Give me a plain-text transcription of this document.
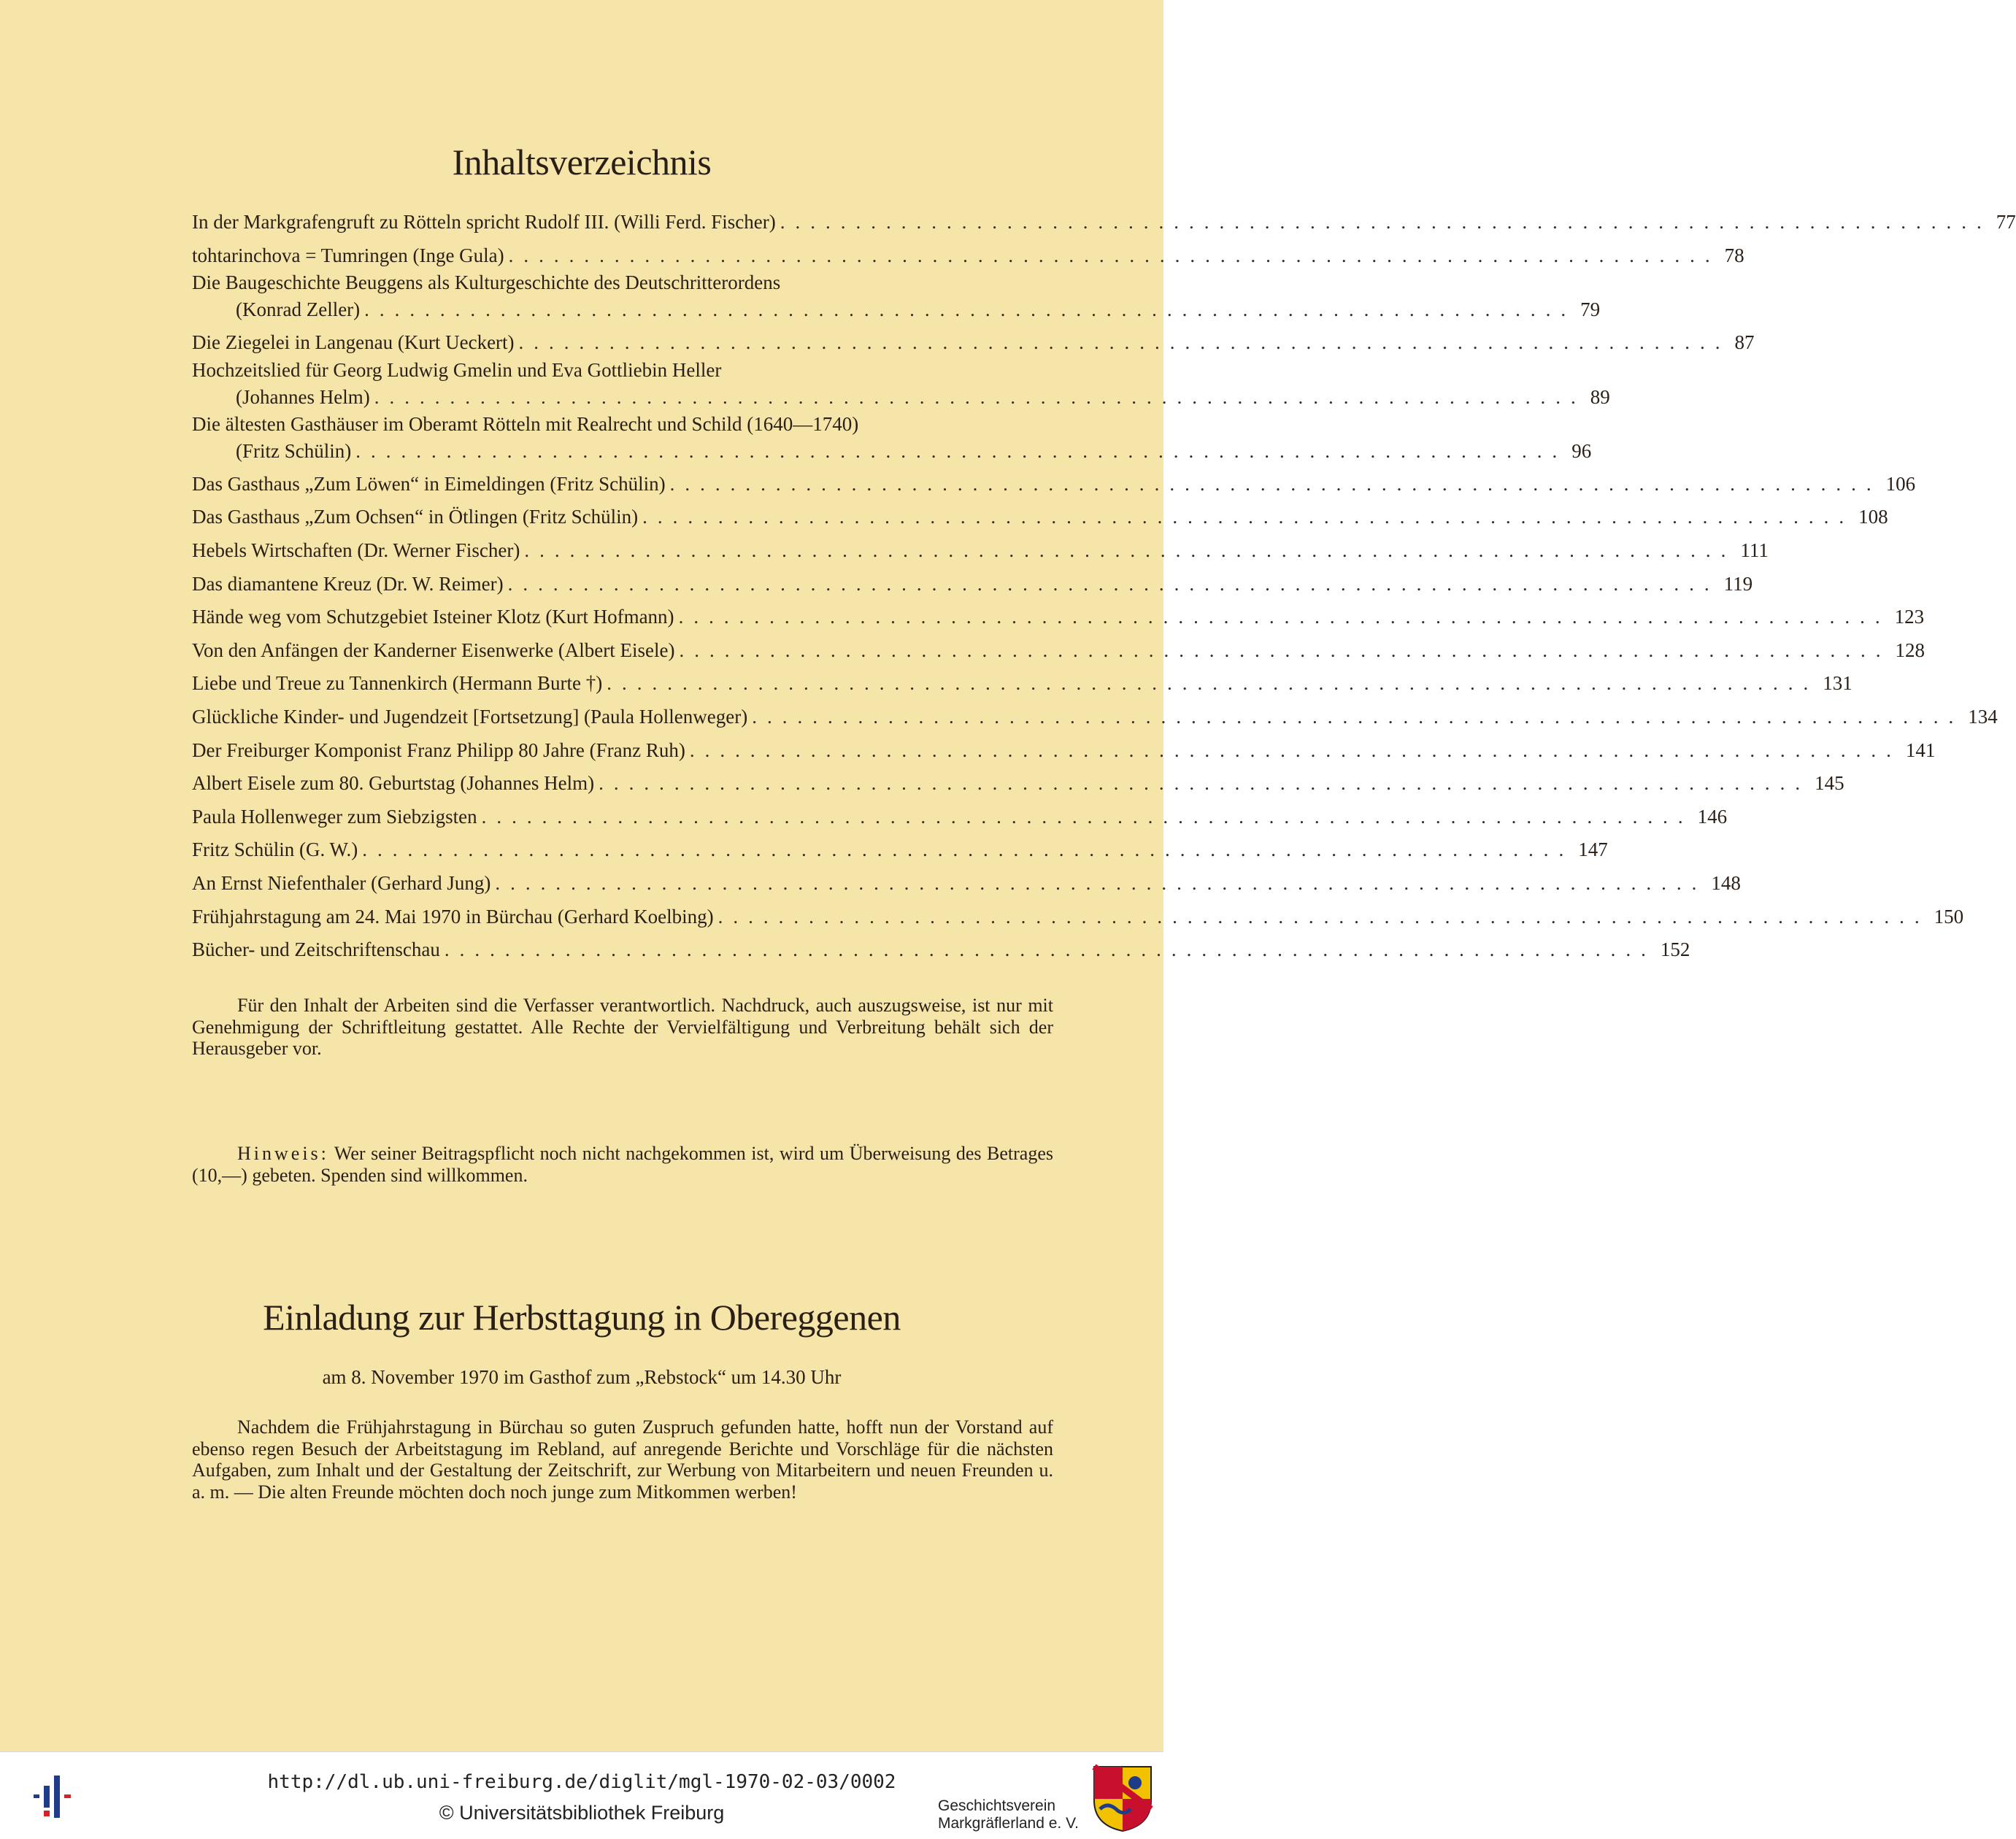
Inhaltsverzeichnis
In der Markgrafengruft zu Rötteln spricht Rudolf III. (Willi Ferd. Fischer) ................................................................................ 77
tohtarinchova = Tumringen (Inge Gula) ................................................................................ 78
Die Baugeschichte Beuggens als Kulturgeschichte des Deutschritterordens
(Konrad Zeller) ................................................................................ 79
Die Ziegelei in Langenau (Kurt Ueckert) ................................................................................ 87
Hochzeitslied für Georg Ludwig Gmelin und Eva Gottliebin Heller
(Johannes Helm) ................................................................................ 89
Die ältesten Gasthäuser im Oberamt Rötteln mit Realrecht und Schild (1640—1740)
(Fritz Schülin) ................................................................................ 96
Das Gasthaus „Zum Löwen“ in Eimeldingen (Fritz Schülin) ................................................................................ 106
Das Gasthaus „Zum Ochsen“ in Ötlingen (Fritz Schülin) ................................................................................ 108
Hebels Wirtschaften (Dr. Werner Fischer) ................................................................................ 111
Das diamantene Kreuz (Dr. W. Reimer) ................................................................................ 119
Hände weg vom Schutzgebiet Isteiner Klotz (Kurt Hofmann) ................................................................................ 123
Von den Anfängen der Kanderner Eisenwerke (Albert Eisele) ................................................................................ 128
Liebe und Treue zu Tannenkirch (Hermann Burte †) ................................................................................ 131
Glückliche Kinder- und Jugendzeit [Fortsetzung] (Paula Hollenweger) ................................................................................ 134
Der Freiburger Komponist Franz Philipp 80 Jahre (Franz Ruh) ................................................................................ 141
Albert Eisele zum 80. Geburtstag (Johannes Helm) ................................................................................ 145
Paula Hollenweger zum Siebzigsten ................................................................................ 146
Fritz Schülin (G. W.) ................................................................................ 147
An Ernst Niefenthaler (Gerhard Jung) ................................................................................ 148
Frühjahrstagung am 24. Mai 1970 in Bürchau (Gerhard Koelbing) ................................................................................ 150
Bücher- und Zeitschriftenschau ................................................................................ 152
Für den Inhalt der Arbeiten sind die Verfasser verantwortlich. Nachdruck, auch auszugsweise, ist nur mit Genehmigung der Schriftleitung gestattet. Alle Rechte der Vervielfältigung und Verbreitung behält sich der Herausgeber vor.
Hinweis: Wer seiner Beitragspflicht noch nicht nachgekommen ist, wird um Überweisung des Betrages (10,—) gebeten. Spenden sind willkommen.
Einladung zur Herbsttagung in Obereggenen
am 8. November 1970 im Gasthof zum „Rebstock“ um 14.30 Uhr
Nachdem die Frühjahrstagung in Bürchau so guten Zuspruch gefunden hatte, hofft nun der Vorstand auf ebenso regen Besuch der Arbeitstagung im Rebland, auf anregende Berichte und Vorschläge für die nächsten Aufgaben, zum Inhalt und der Gestaltung der Zeitschrift, zur Werbung von Mitarbeitern und neuen Freunden u. a. m. — Die alten Freunde möchten doch noch junge zum Mitkommen werben!
http://dl.ub.uni-freiburg.de/diglit/mgl-1970-02-03/0002
© Universitätsbibliothek Freiburg	Geschichtsverein
Markgräflerland e. V.
